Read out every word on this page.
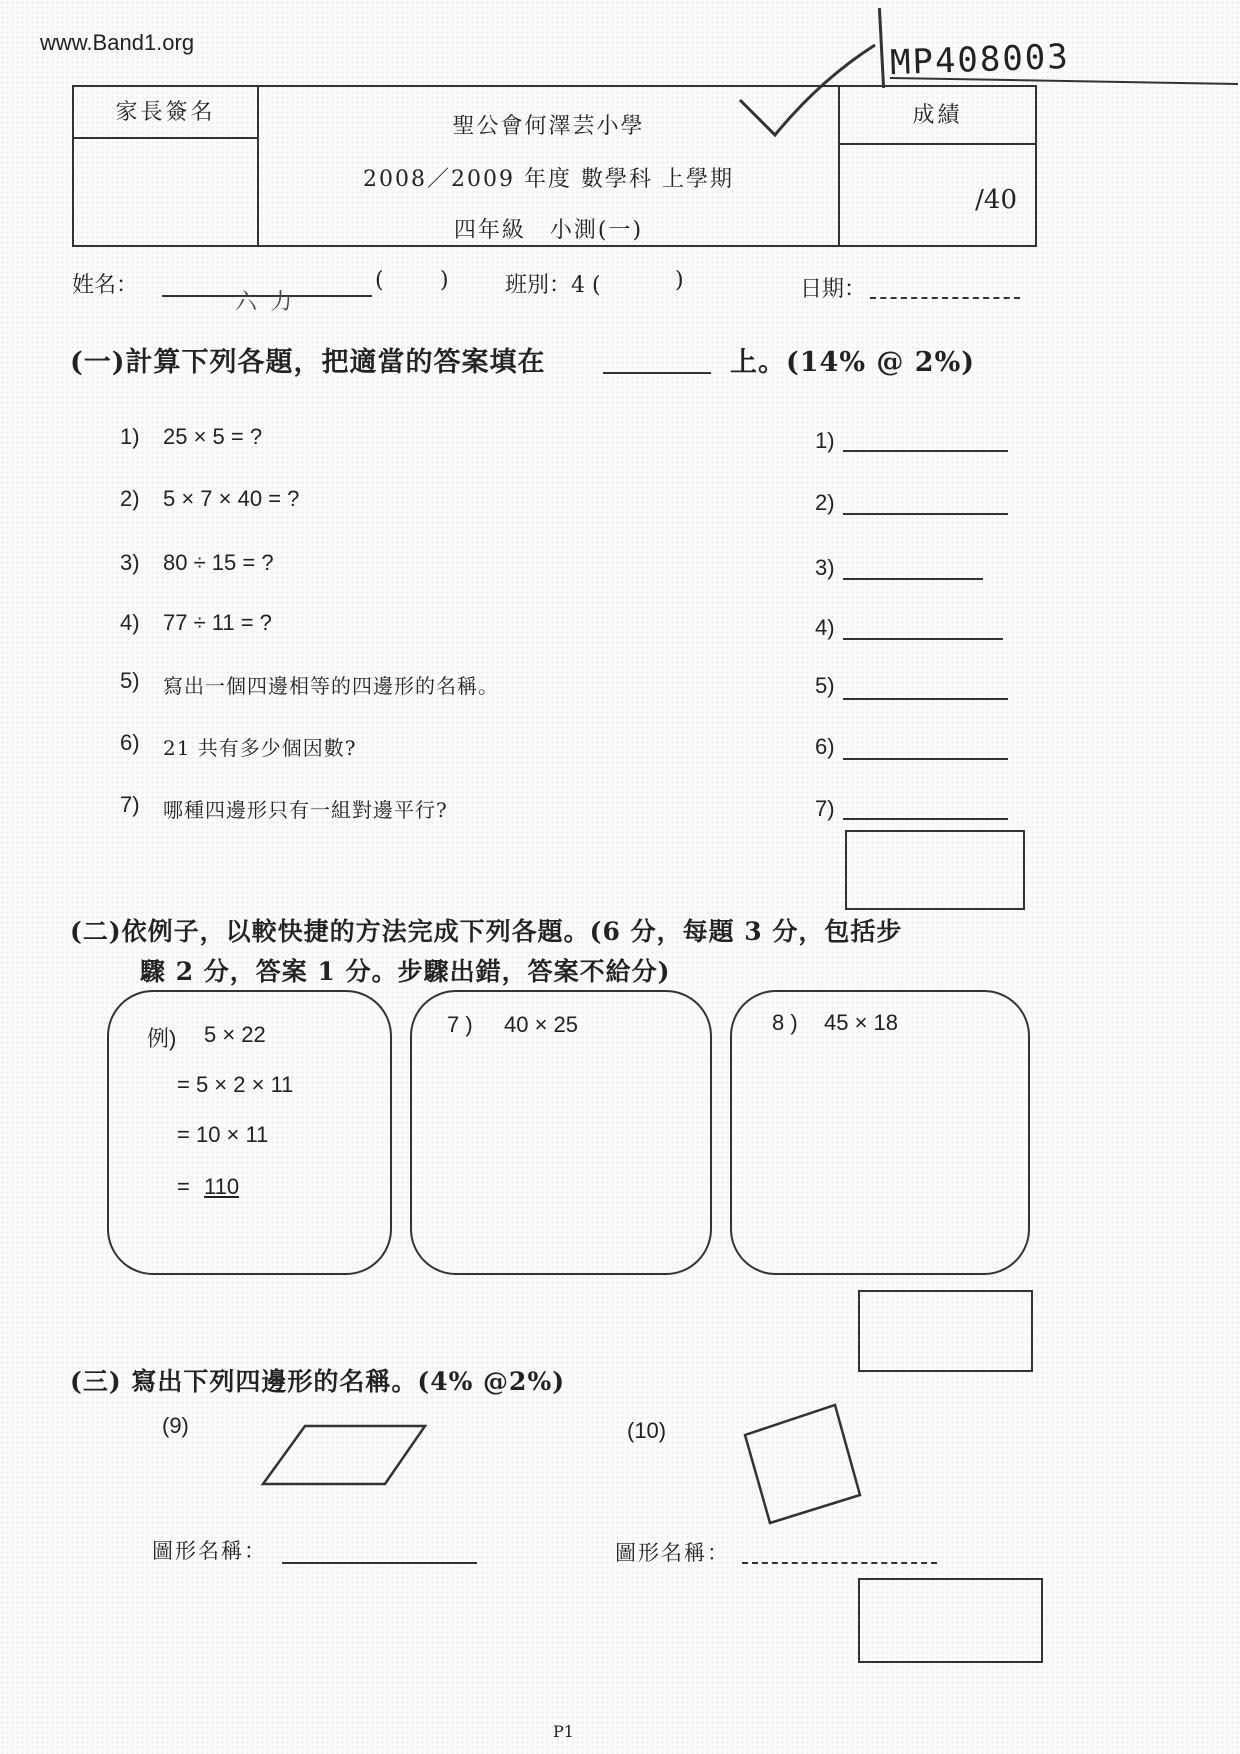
www.Band1.org	MP408003
家長簽名
聖公會何澤芸小學
2008／2009 年度 數學科 上學期
四年級　小測(一)
成績
/40
姓名：
六 力
(	)	班別：4 (	)	日期：
(一)計算下列各題，把適當的答案填在	上。(14% @ 2%)
1) 25 × 5 = ?	1)
2) 5 × 7 × 40 = ?	2)
3) 80 ÷ 15 = ?	3)
4) 77 ÷ 11 = ?	4)
5) 寫出一個四邊相等的四邊形的名稱。	5)
6) 21 共有多少個因數?	6)
7) 哪種四邊形只有一組對邊平行?	7)
(二)依例子，以較快捷的方法完成下列各題。(6 分，每題 3 分，包括步
驟 2 分，答案 1 分。步驟出錯，答案不給分)
例) 5 × 22
= 5 × 2 × 11
= 10 × 11
= 110
7 ) 40 × 25	8 ) 45 × 18
(三) 寫出下列四邊形的名稱。(4% @2%)
(9)	(10)
圖形名稱：	圖形名稱：
P1
